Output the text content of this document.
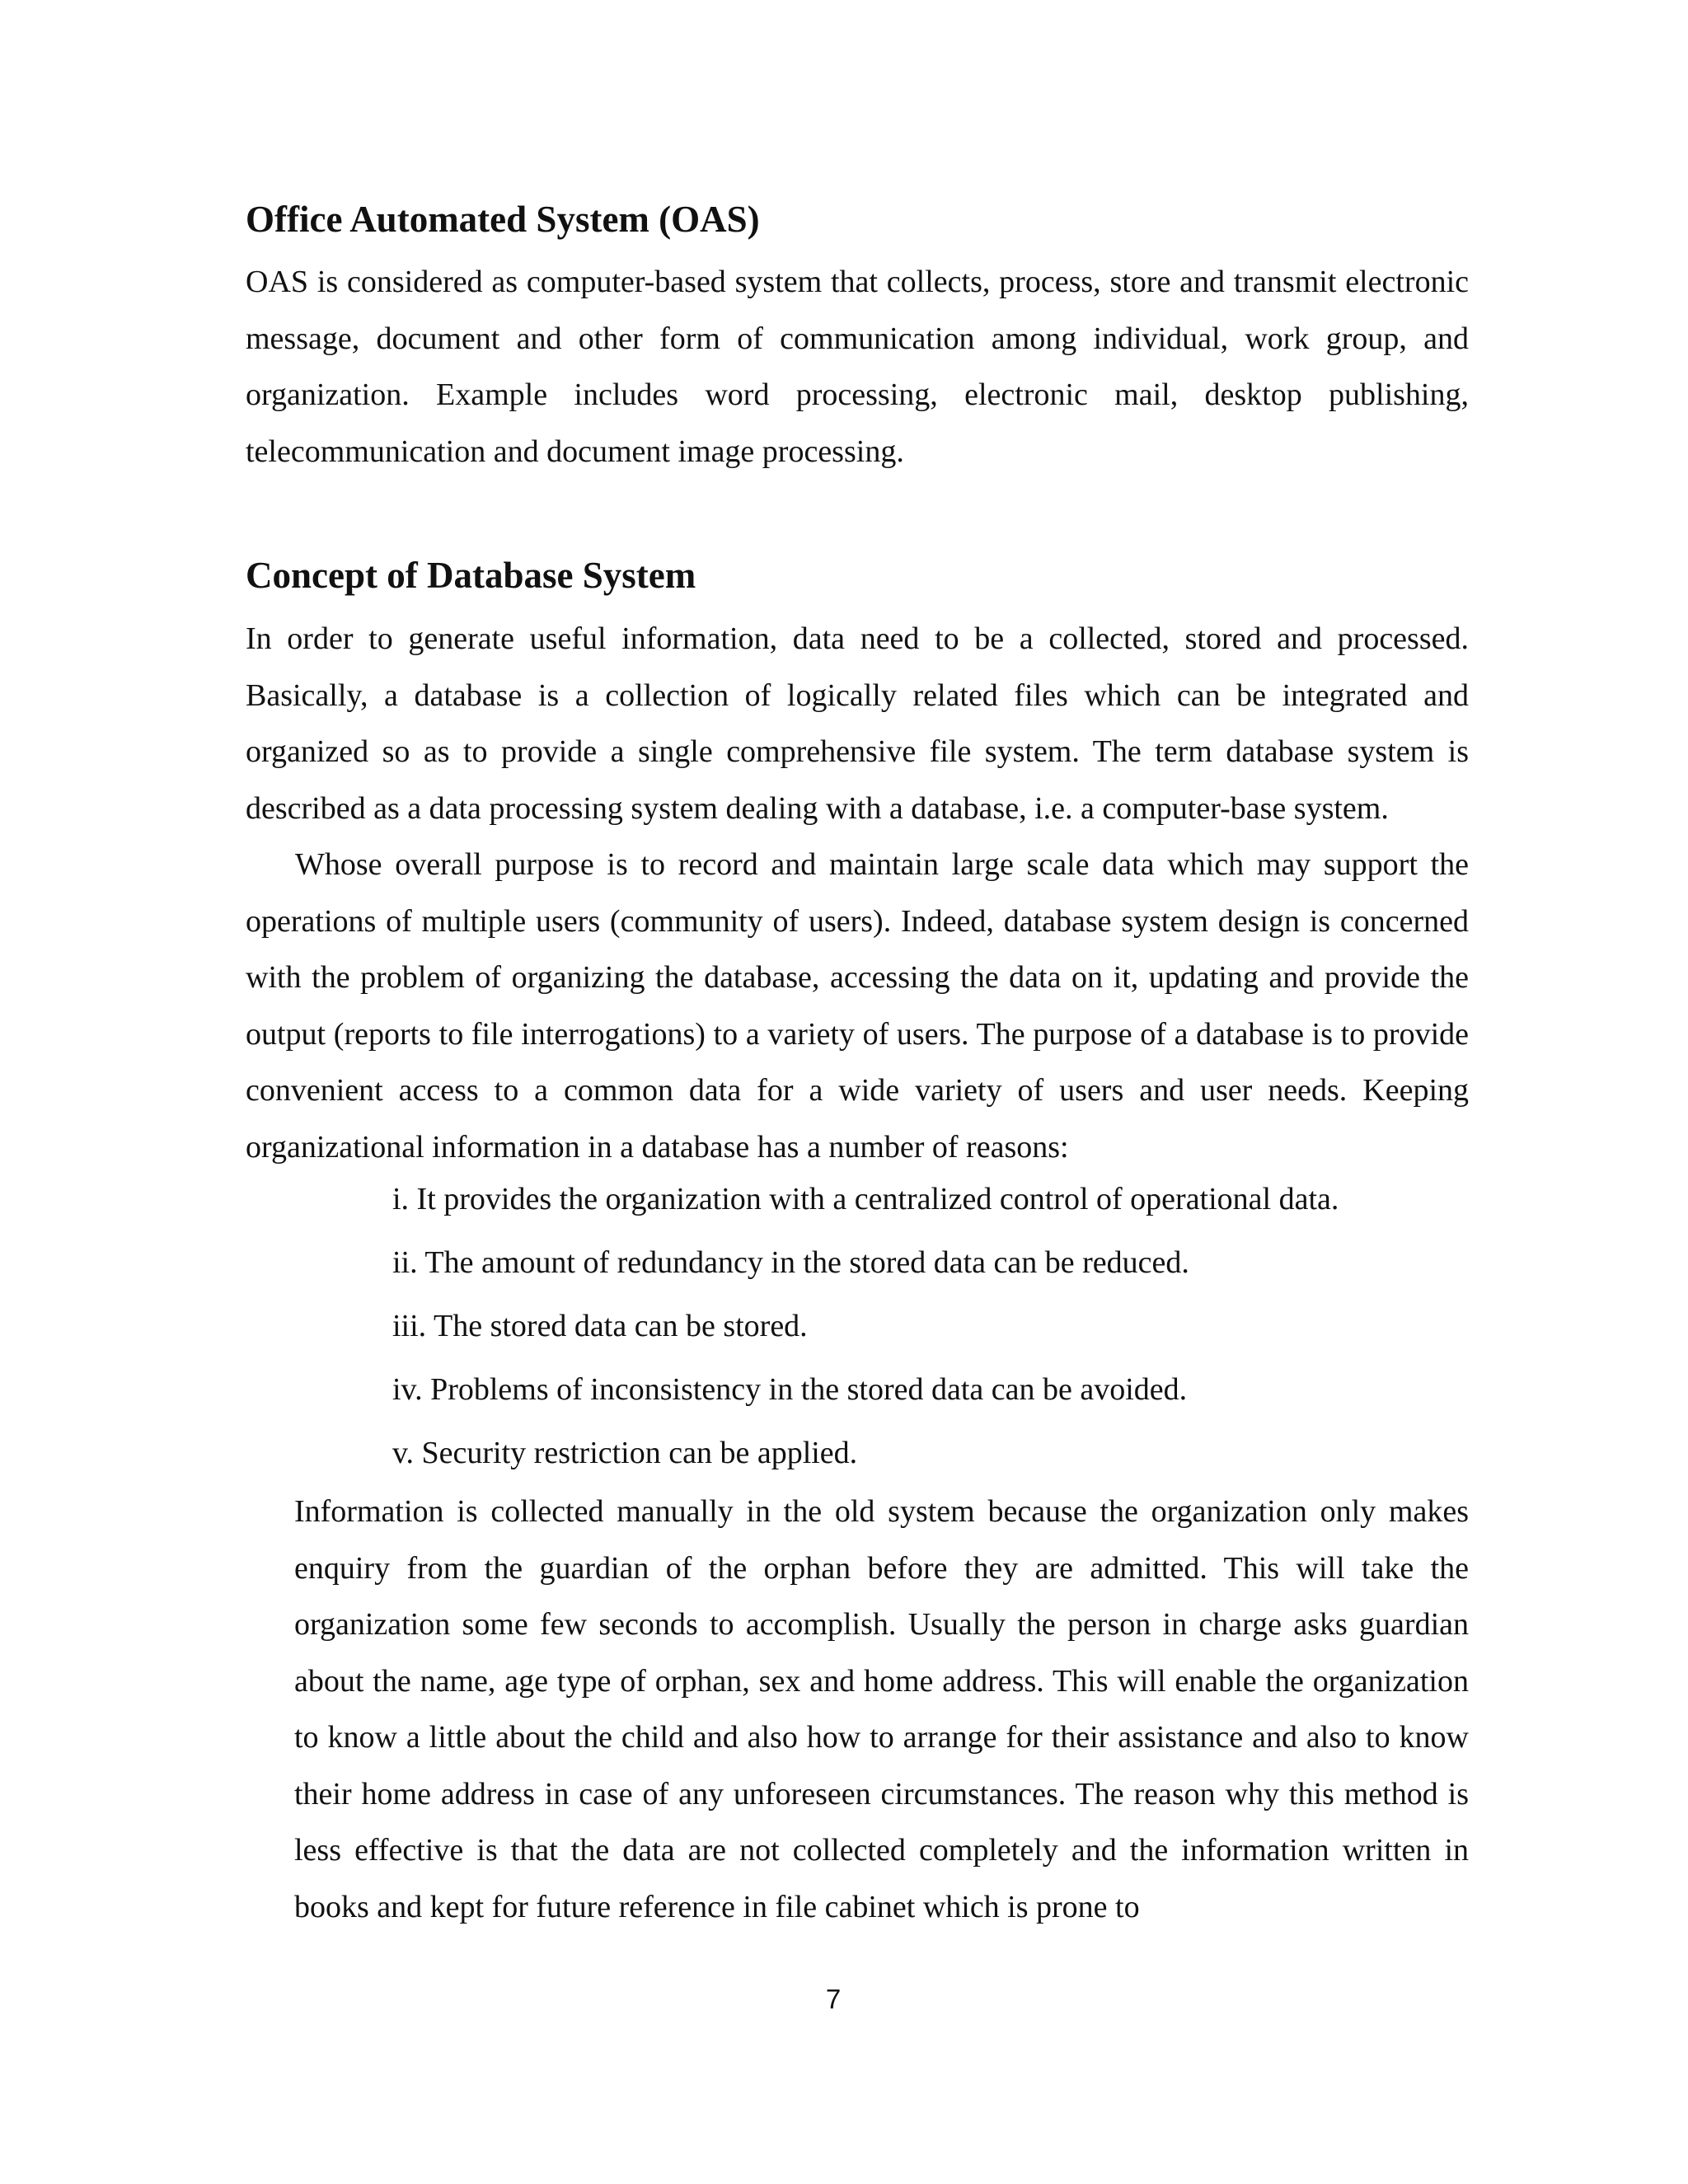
Office Automated System (OAS)

OAS is considered as computer-based system that collects, process, store and transmit electronic message, document and other form of communication among individual, work group, and organization. Example includes word processing, electronic mail, desktop publishing, telecommunication and document image processing.

Concept of Database System

In order to generate useful information, data need to be a collected, stored and processed. Basically, a database is a collection of logically related files which can be integrated and organized so as to provide a single comprehensive file system. The term database system is described as a data processing system dealing with a database, i.e. a computer-base system.

Whose overall purpose is to record and maintain large scale data which may support the operations of multiple users (community of users). Indeed, database system design is concerned with the problem of organizing the database, accessing the data on it, updating and provide the output (reports to file interrogations) to a variety of users. The purpose of a database is to provide convenient access to a common data for a wide variety of users and user needs. Keeping organizational information in a database has a number of reasons:

i. It provides the organization with a centralized control of operational data.
ii. The amount of redundancy in the stored data can be reduced.
iii. The stored data can be stored.
iv. Problems of inconsistency in the stored data can be avoided.
v. Security restriction can be applied.

Information is collected manually in the old system because the organization only makes enquiry from the guardian of the orphan before they are admitted. This will take the organization some few seconds to accomplish. Usually the person in charge asks guardian about the name, age type of orphan, sex and home address. This will enable the organization to know a little about the child and also how to arrange for their assistance and also to know their home address in case of any unforeseen circumstances. The reason why this method is less effective is that the data are not collected completely and the information written in books and kept for future reference in file cabinet which is prone to

7
